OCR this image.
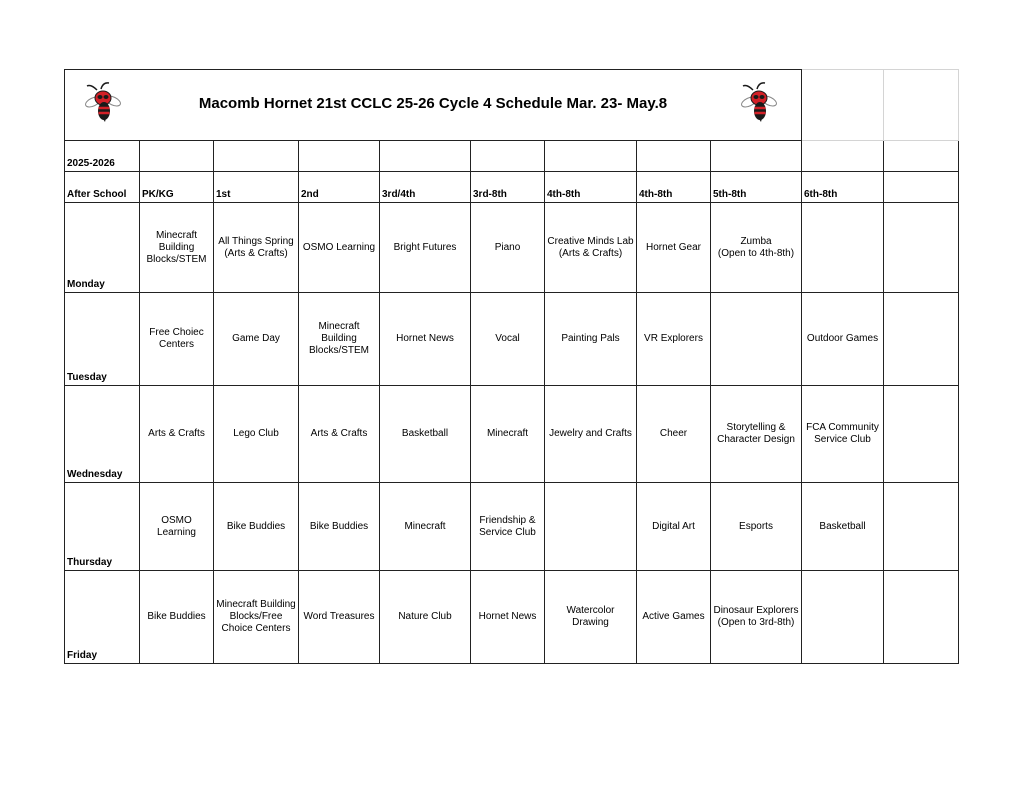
Macomb Hornet 21st CCLC 25-26 Cycle 4 Schedule Mar. 23- May.8								

2025-2026										
After School	PK/KG	1st	2nd	3rd/4th	3rd-8th	4th-8th	4th-8th	5th-8th	6th-8th	
Monday	Minecraft
Building
Blocks/STEM	All Things Spring
(Arts & Crafts)	OSMO Learning	Bright Futures	Piano	Creative Minds Lab
(Arts & Crafts)	Hornet Gear	Zumba
(Open to 4th-8th)		
Tuesday	Free Choiec
Centers	Game Day	Minecraft
Building
Blocks/STEM	Hornet News	Vocal	Painting Pals	VR Explorers		Outdoor Games	
Wednesday	Arts & Crafts	Lego Club	Arts & Crafts	Basketball	Minecraft	Jewelry and Crafts	Cheer	Storytelling &
Character Design	FCA Community
Service Club	
Thursday	OSMO
Learning	Bike Buddies	Bike Buddies	Minecraft	Friendship &
Service Club		Digital Art	Esports	Basketball	
Friday	Bike Buddies	Minecraft Building
Blocks/Free
Choice Centers	Word Treasures	Nature Club	Hornet News	Watercolor
Drawing	Active Games	Dinosaur Explorers
(Open to 3rd-8th)		
